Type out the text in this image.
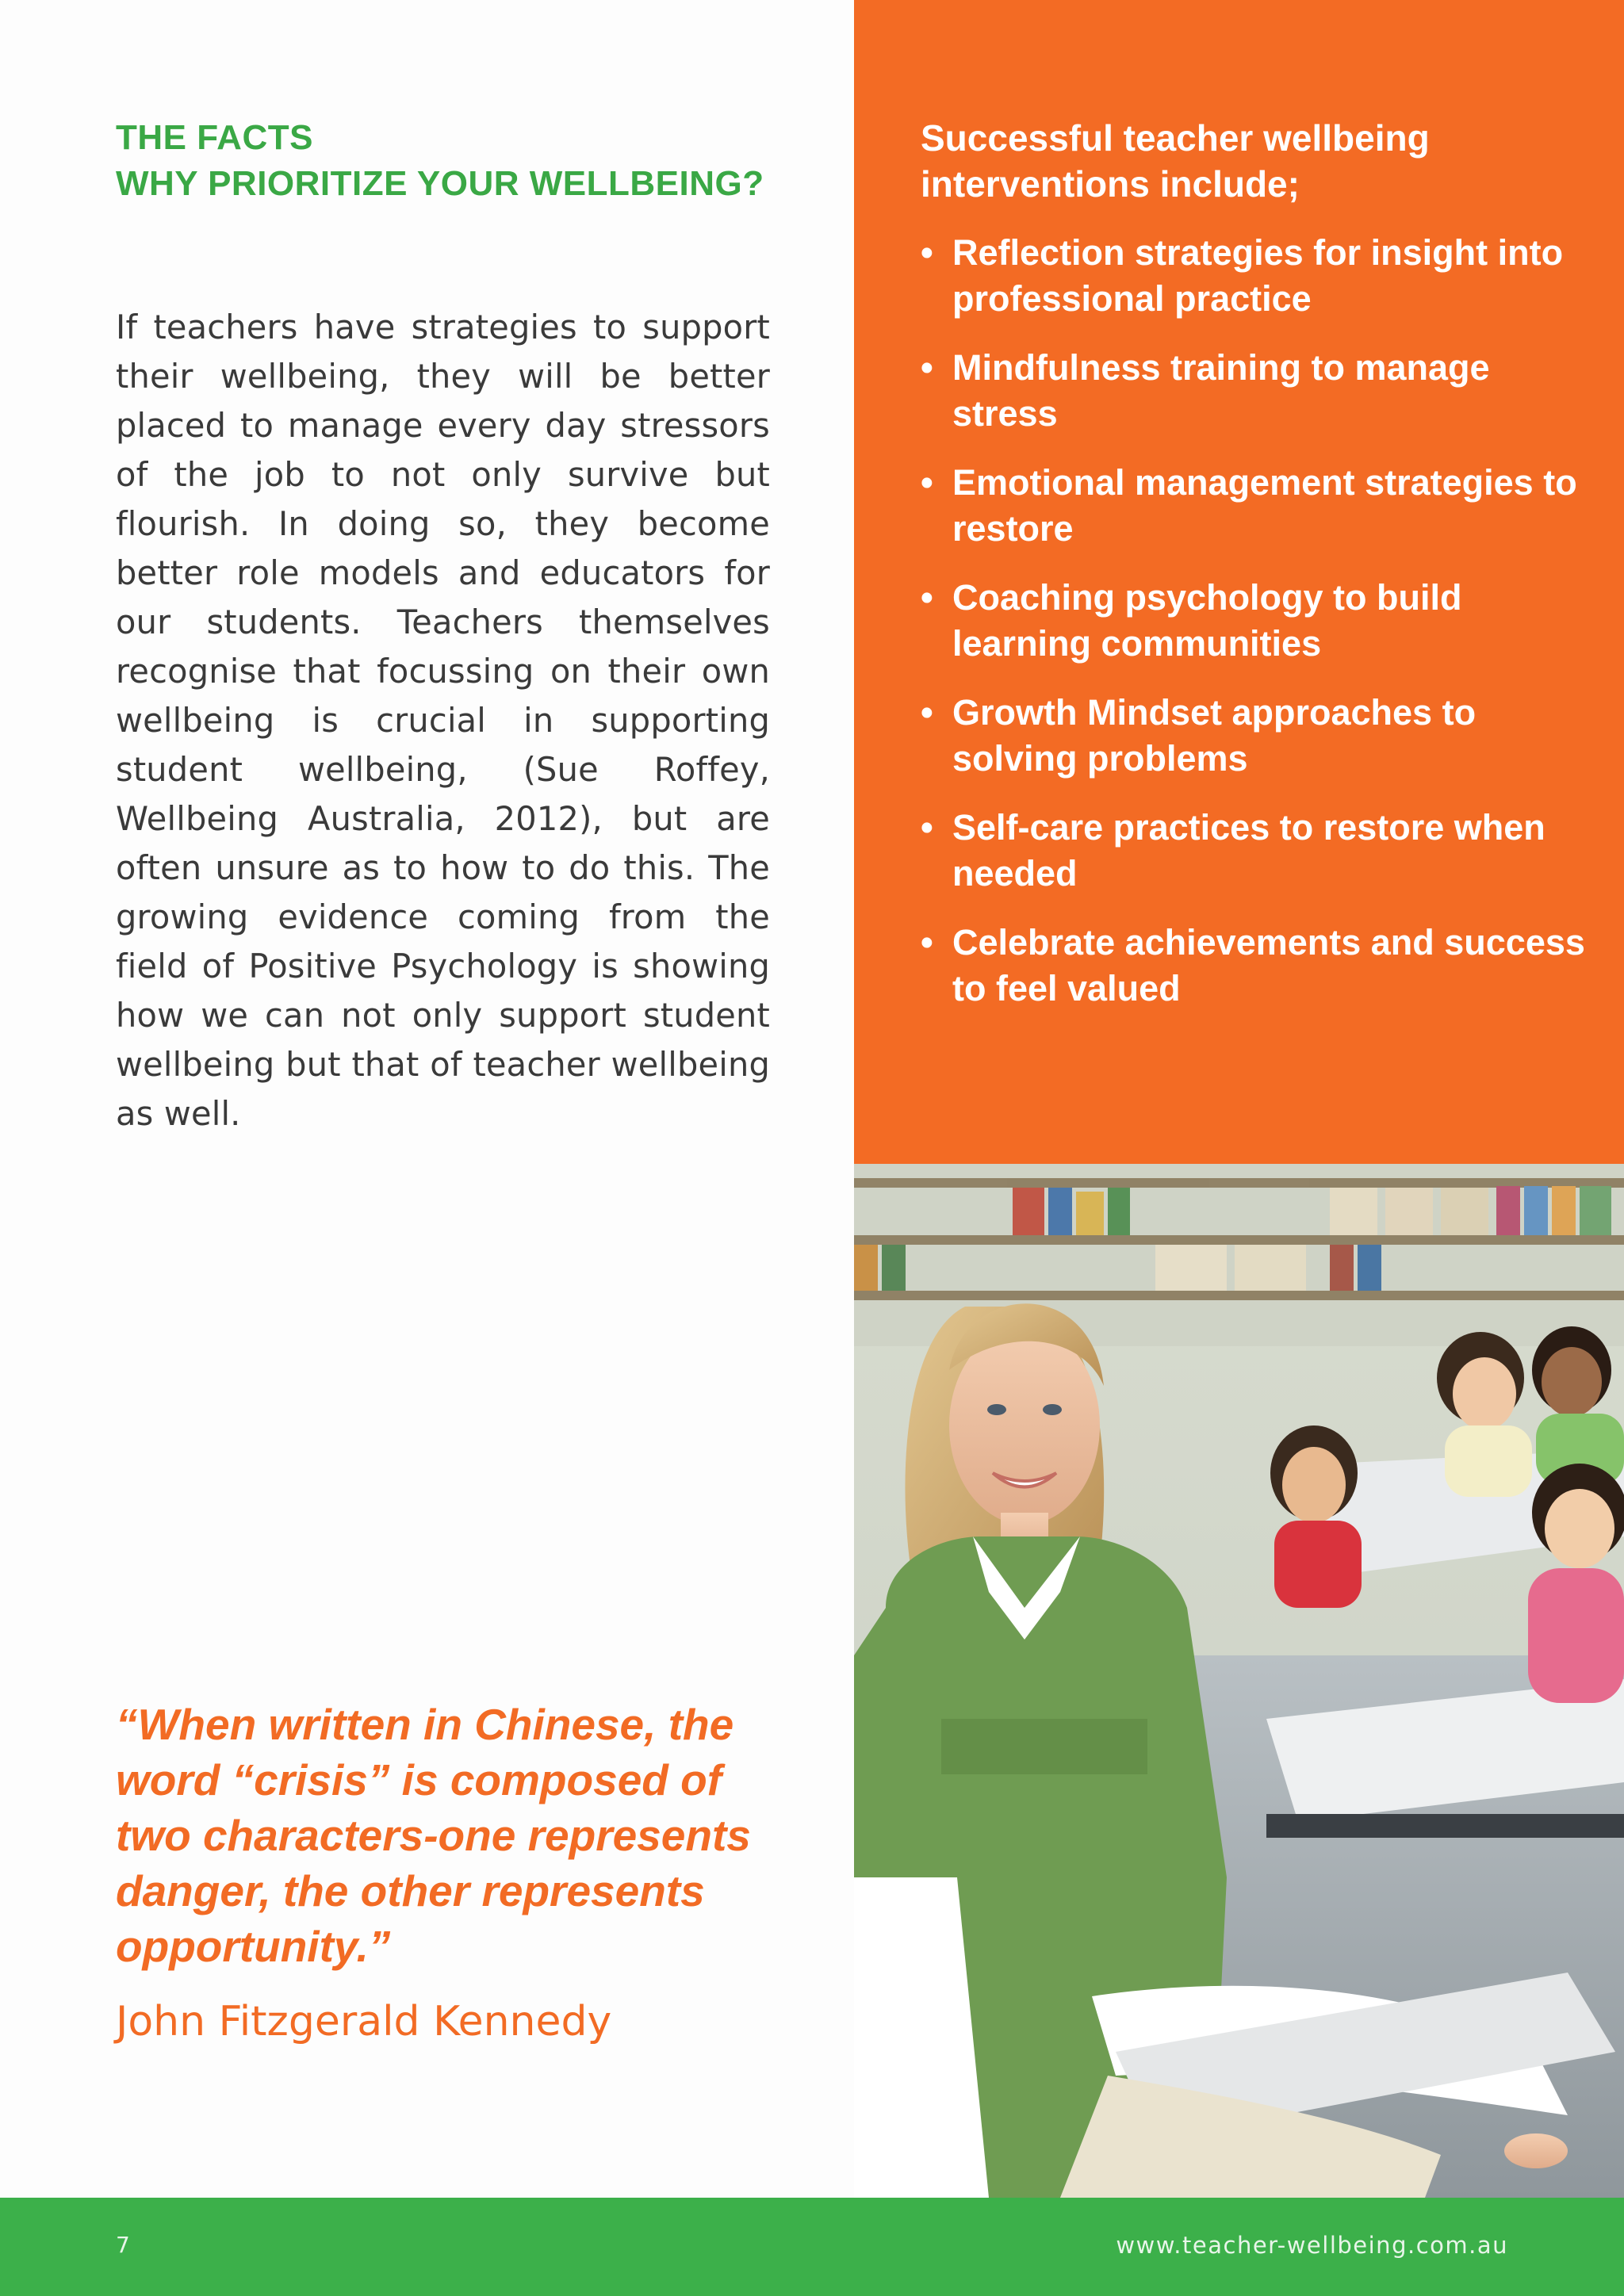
THE FACTS
WHY PRIORITIZE YOUR WELLBEING?

If teachers have strategies to support their wellbeing, they will be better placed to manage every day stressors of the job to not only survive but flourish. In doing so, they become better role models and educators for our students. Teachers themselves recognise that focussing on their own wellbeing is crucial in supporting student wellbeing, (Sue Roffey, Wellbeing Australia, 2012), but are often unsure as to how to do this. The growing evidence coming from the field of Positive Psychology is showing how we can not only support student wellbeing but that of teacher wellbeing as well.

“When written in Chinese, the word “crisis” is composed of two characters-one represents danger, the other represents opportunity.”

John Fitzgerald Kennedy

Successful teacher wellbeing interventions include;
• Reflection strategies for insight into professional practice
• Mindfulness training to manage stress
• Emotional management strategies to restore
• Coaching psychology to build learning communities
• Growth Mindset approaches to solving problems
• Self-care practices to restore when needed
• Celebrate achievements and success to feel valued
7	www.teacher-wellbeing.com.au
